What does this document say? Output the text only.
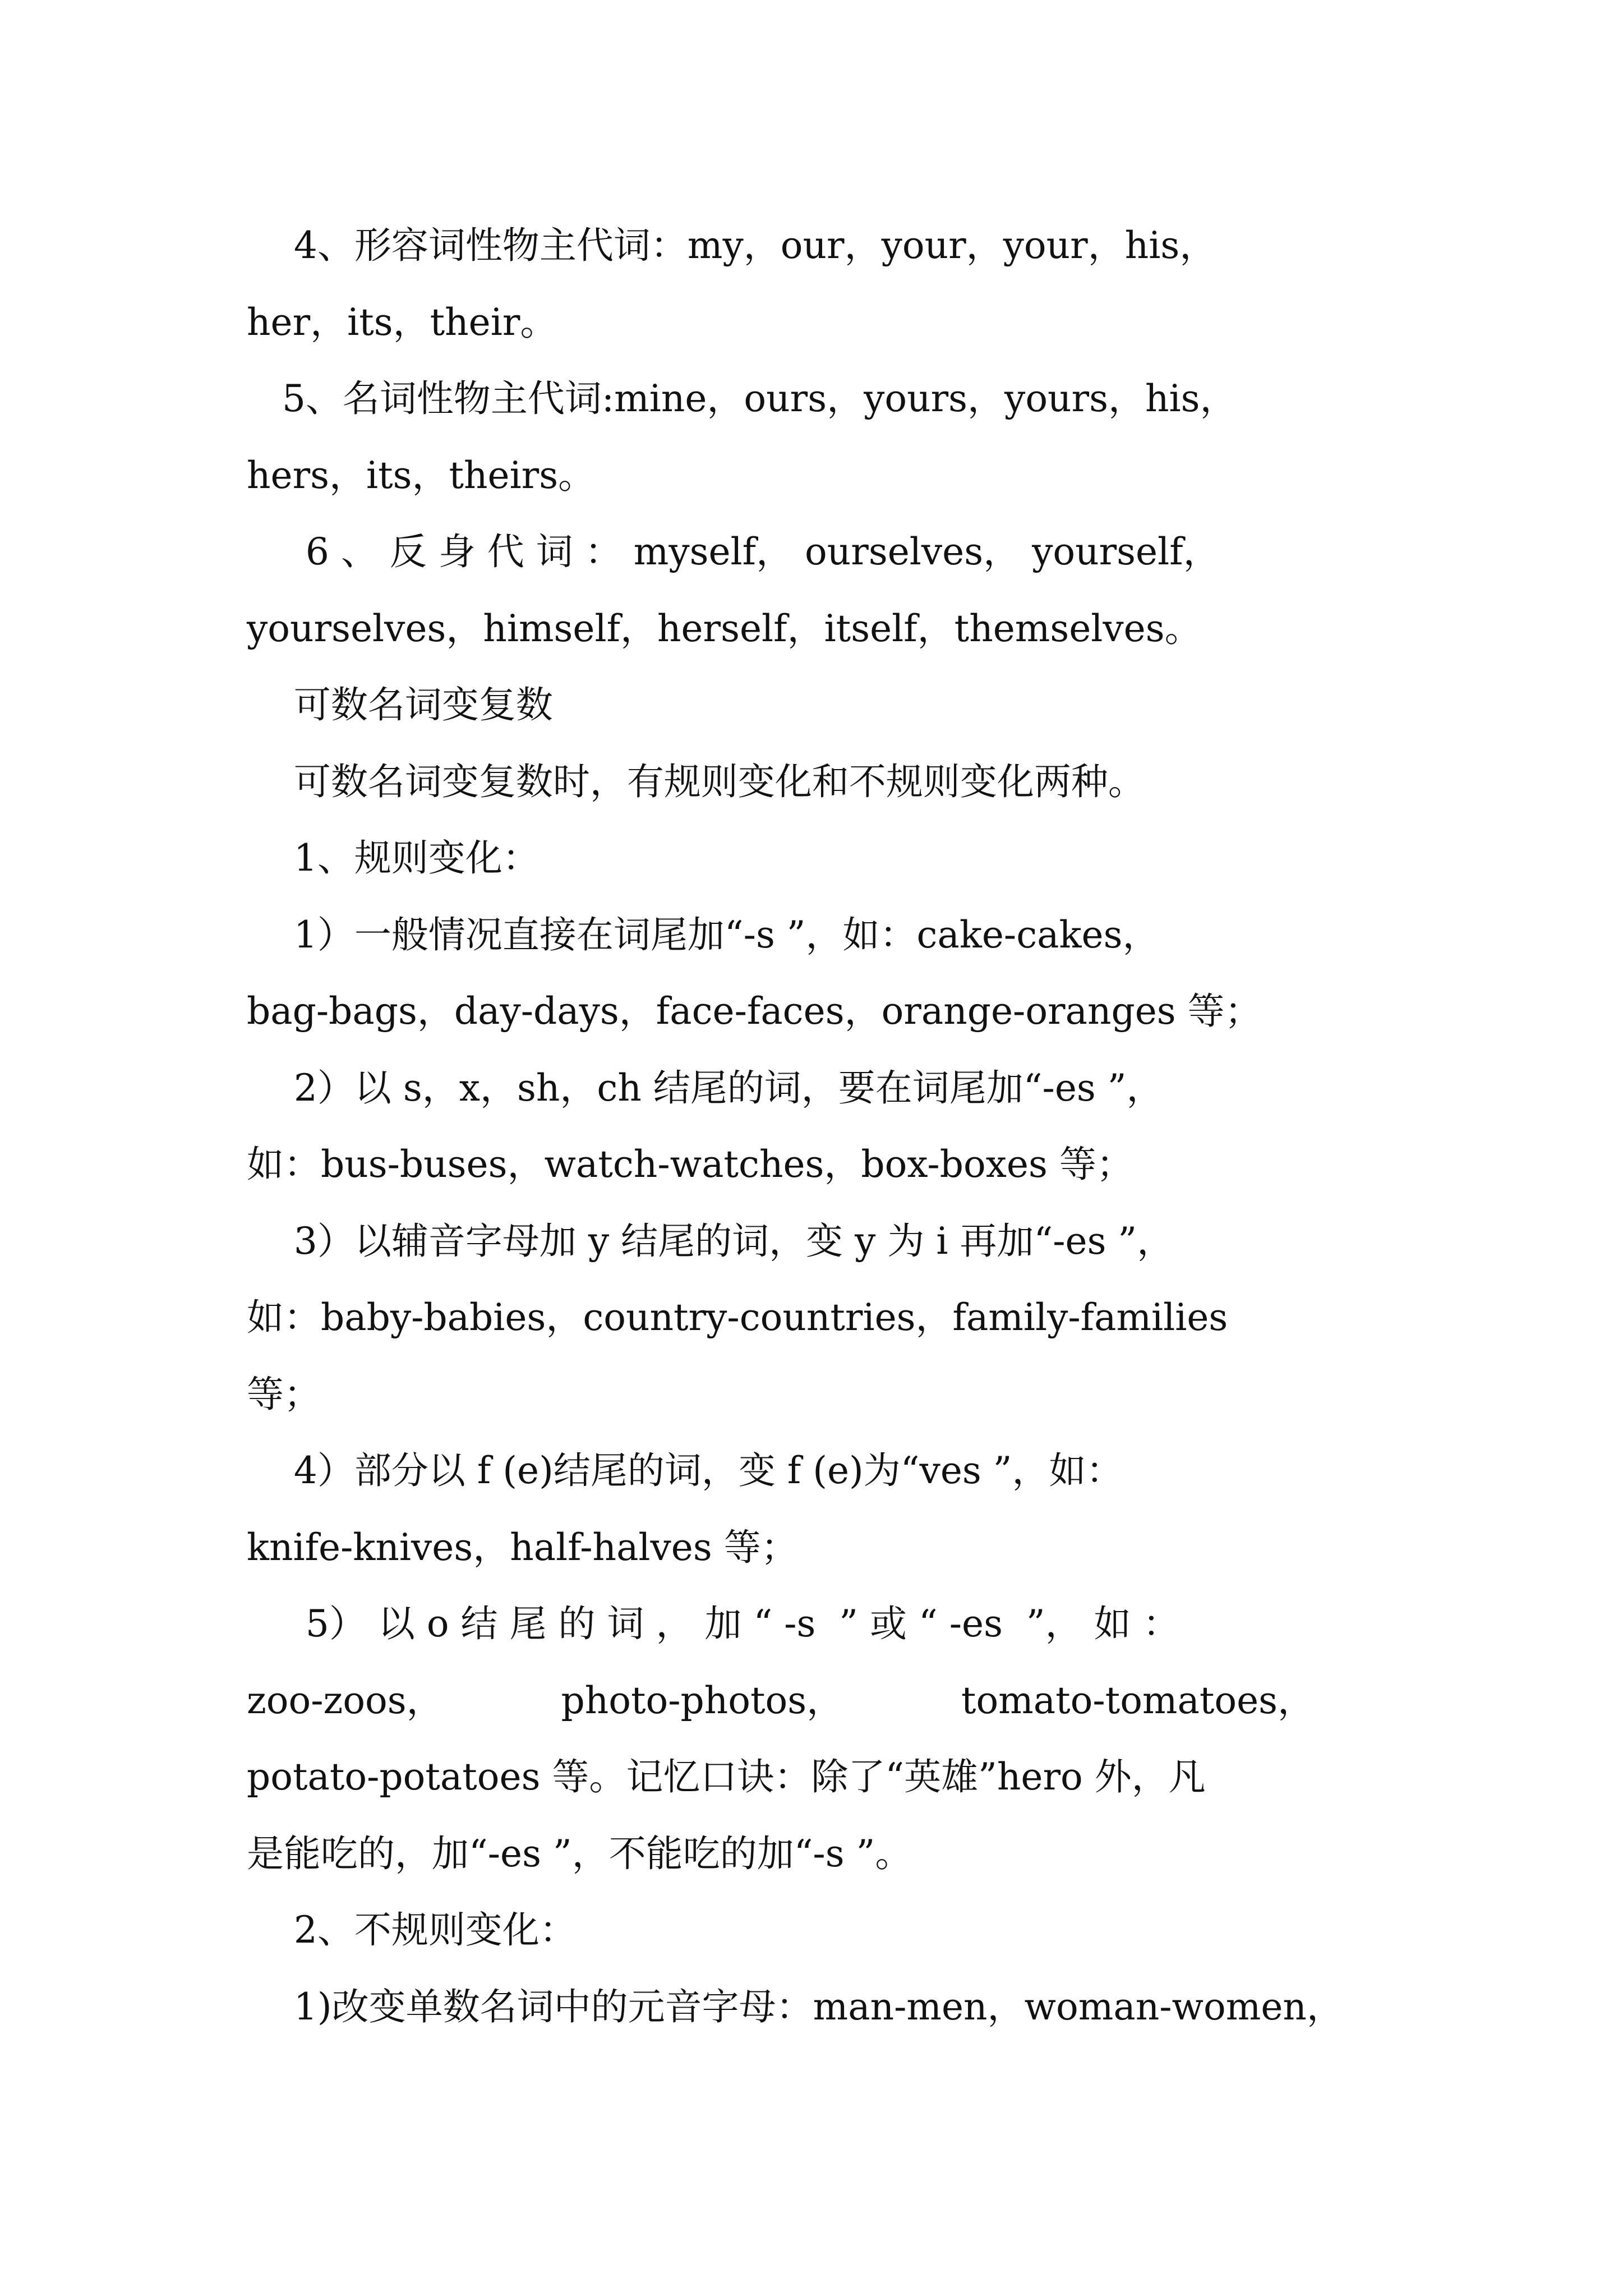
4、形容词性物主代词：my，our，your，your，his，
her，its，their。
5、名词性物主代词:mine，ours，yours，yours，his，
hers，its，theirs。
6 、 反 身 代 词 ： myself， ourselves， yourself，
yourselves，himself，herself，itself，themselves。
可数名词变复数
可数名词变复数时，有规则变化和不规则变化两种。
1、规则变化：
1）一般情况直接在词尾加“-s ”，如：cake-cakes，
bag-bags，day-days，face-faces，orange-oranges 等；
2）以 s，x，sh，ch 结尾的词，要在词尾加“-es ”，
如：bus-buses，watch-watches，box-boxes 等；
3）以辅音字母加 y 结尾的词，变 y 为 i 再加“-es ”，
如：baby-babies，country-countries，family-families
等；
4）部分以 f (e)结尾的词，变 f (e)为“ves ”，如：
knife-knives，half-halves 等；
5） 以 o 结 尾 的 词 ， 加 “ -s  ” 或 “ -es  ”， 如 ：
zoo-zoos，          photo-photos，          tomato-tomatoes，
potato-potatoes 等。记忆口诀：除了“英雄”hero 外，凡
是能吃的，加“-es ”，不能吃的加“-s ”。
2、不规则变化：
1)改变单数名词中的元音字母：man-men，woman-women，
